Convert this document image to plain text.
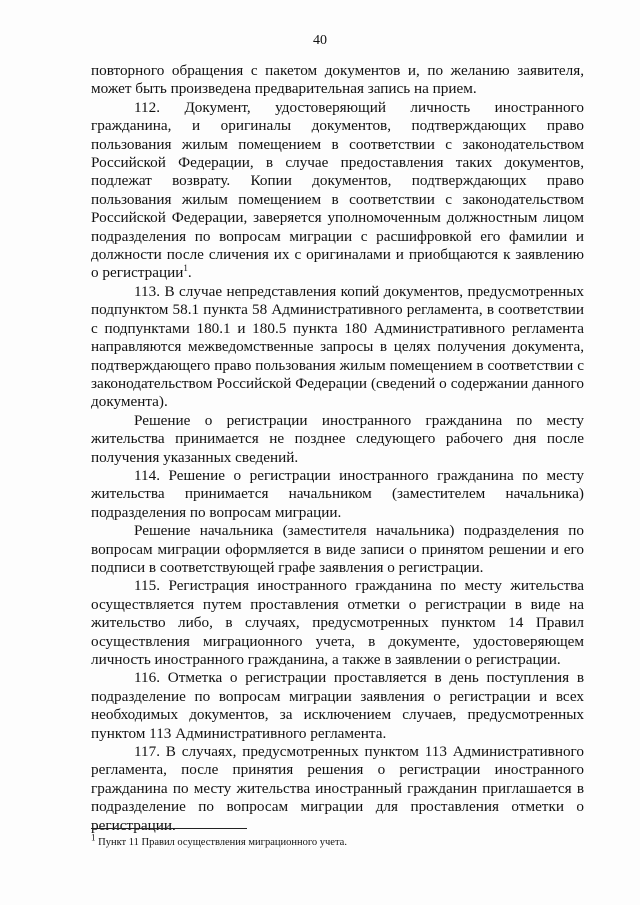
40

повторного обращения с пакетом документов и, по желанию заявителя, может быть произведена предварительная запись на прием.

112. Документ, удостоверяющий личность иностранного гражданина, и оригиналы документов, подтверждающих право пользования жилым помещением в соответствии с законодательством Российской Федерации, в случае предоставления таких документов, подлежат возврату. Копии документов, подтверждающих право пользования жилым помещением в соответствии с законодательством Российской Федерации, заверяется уполномоченным должностным лицом подразделения по вопросам миграции с расшифровкой его фамилии и должности после сличения их с оригиналами и приобщаются к заявлению о регистрации$^1$.

113. В случае непредставления копий документов, предусмотренных подпунктом 58.1 пункта 58 Административного регламента, в соответствии с подпунктами 180.1 и 180.5 пункта 180 Административного регламента направляются межведомственные запросы в целях получения документа, подтверждающего право пользования жилым помещением в соответствии с законодательством Российской Федерации (сведений о содержании данного документа).

Решение о регистрации иностранного гражданина по месту жительства принимается не позднее следующего рабочего дня после получения указанных сведений.

114. Решение о регистрации иностранного гражданина по месту жительства принимается начальником (заместителем начальника) подразделения по вопросам миграции.

Решение начальника (заместителя начальника) подразделения по вопросам миграции оформляется в виде записи о принятом решении и его подписи в соответствующей графе заявления о регистрации.

115. Регистрация иностранного гражданина по месту жительства осуществляется путем проставления отметки о регистрации в виде на жительство либо, в случаях, предусмотренных пунктом 14 Правил осуществления миграционного учета, в документе, удостоверяющем личность иностранного гражданина, а также в заявлении о регистрации.

116. Отметка о регистрации проставляется в день поступления в подразделение по вопросам миграции заявления о регистрации и всех необходимых документов, за исключением случаев, предусмотренных пунктом 113 Административного регламента.

117. В случаях, предусмотренных пунктом 113 Административного регламента, после принятия решения о регистрации иностранного гражданина по месту жительства иностранный гражданин приглашается в подразделение по вопросам миграции для проставления отметки о регистрации.

$^1$ Пункт 11 Правил осуществления миграционного учета.
